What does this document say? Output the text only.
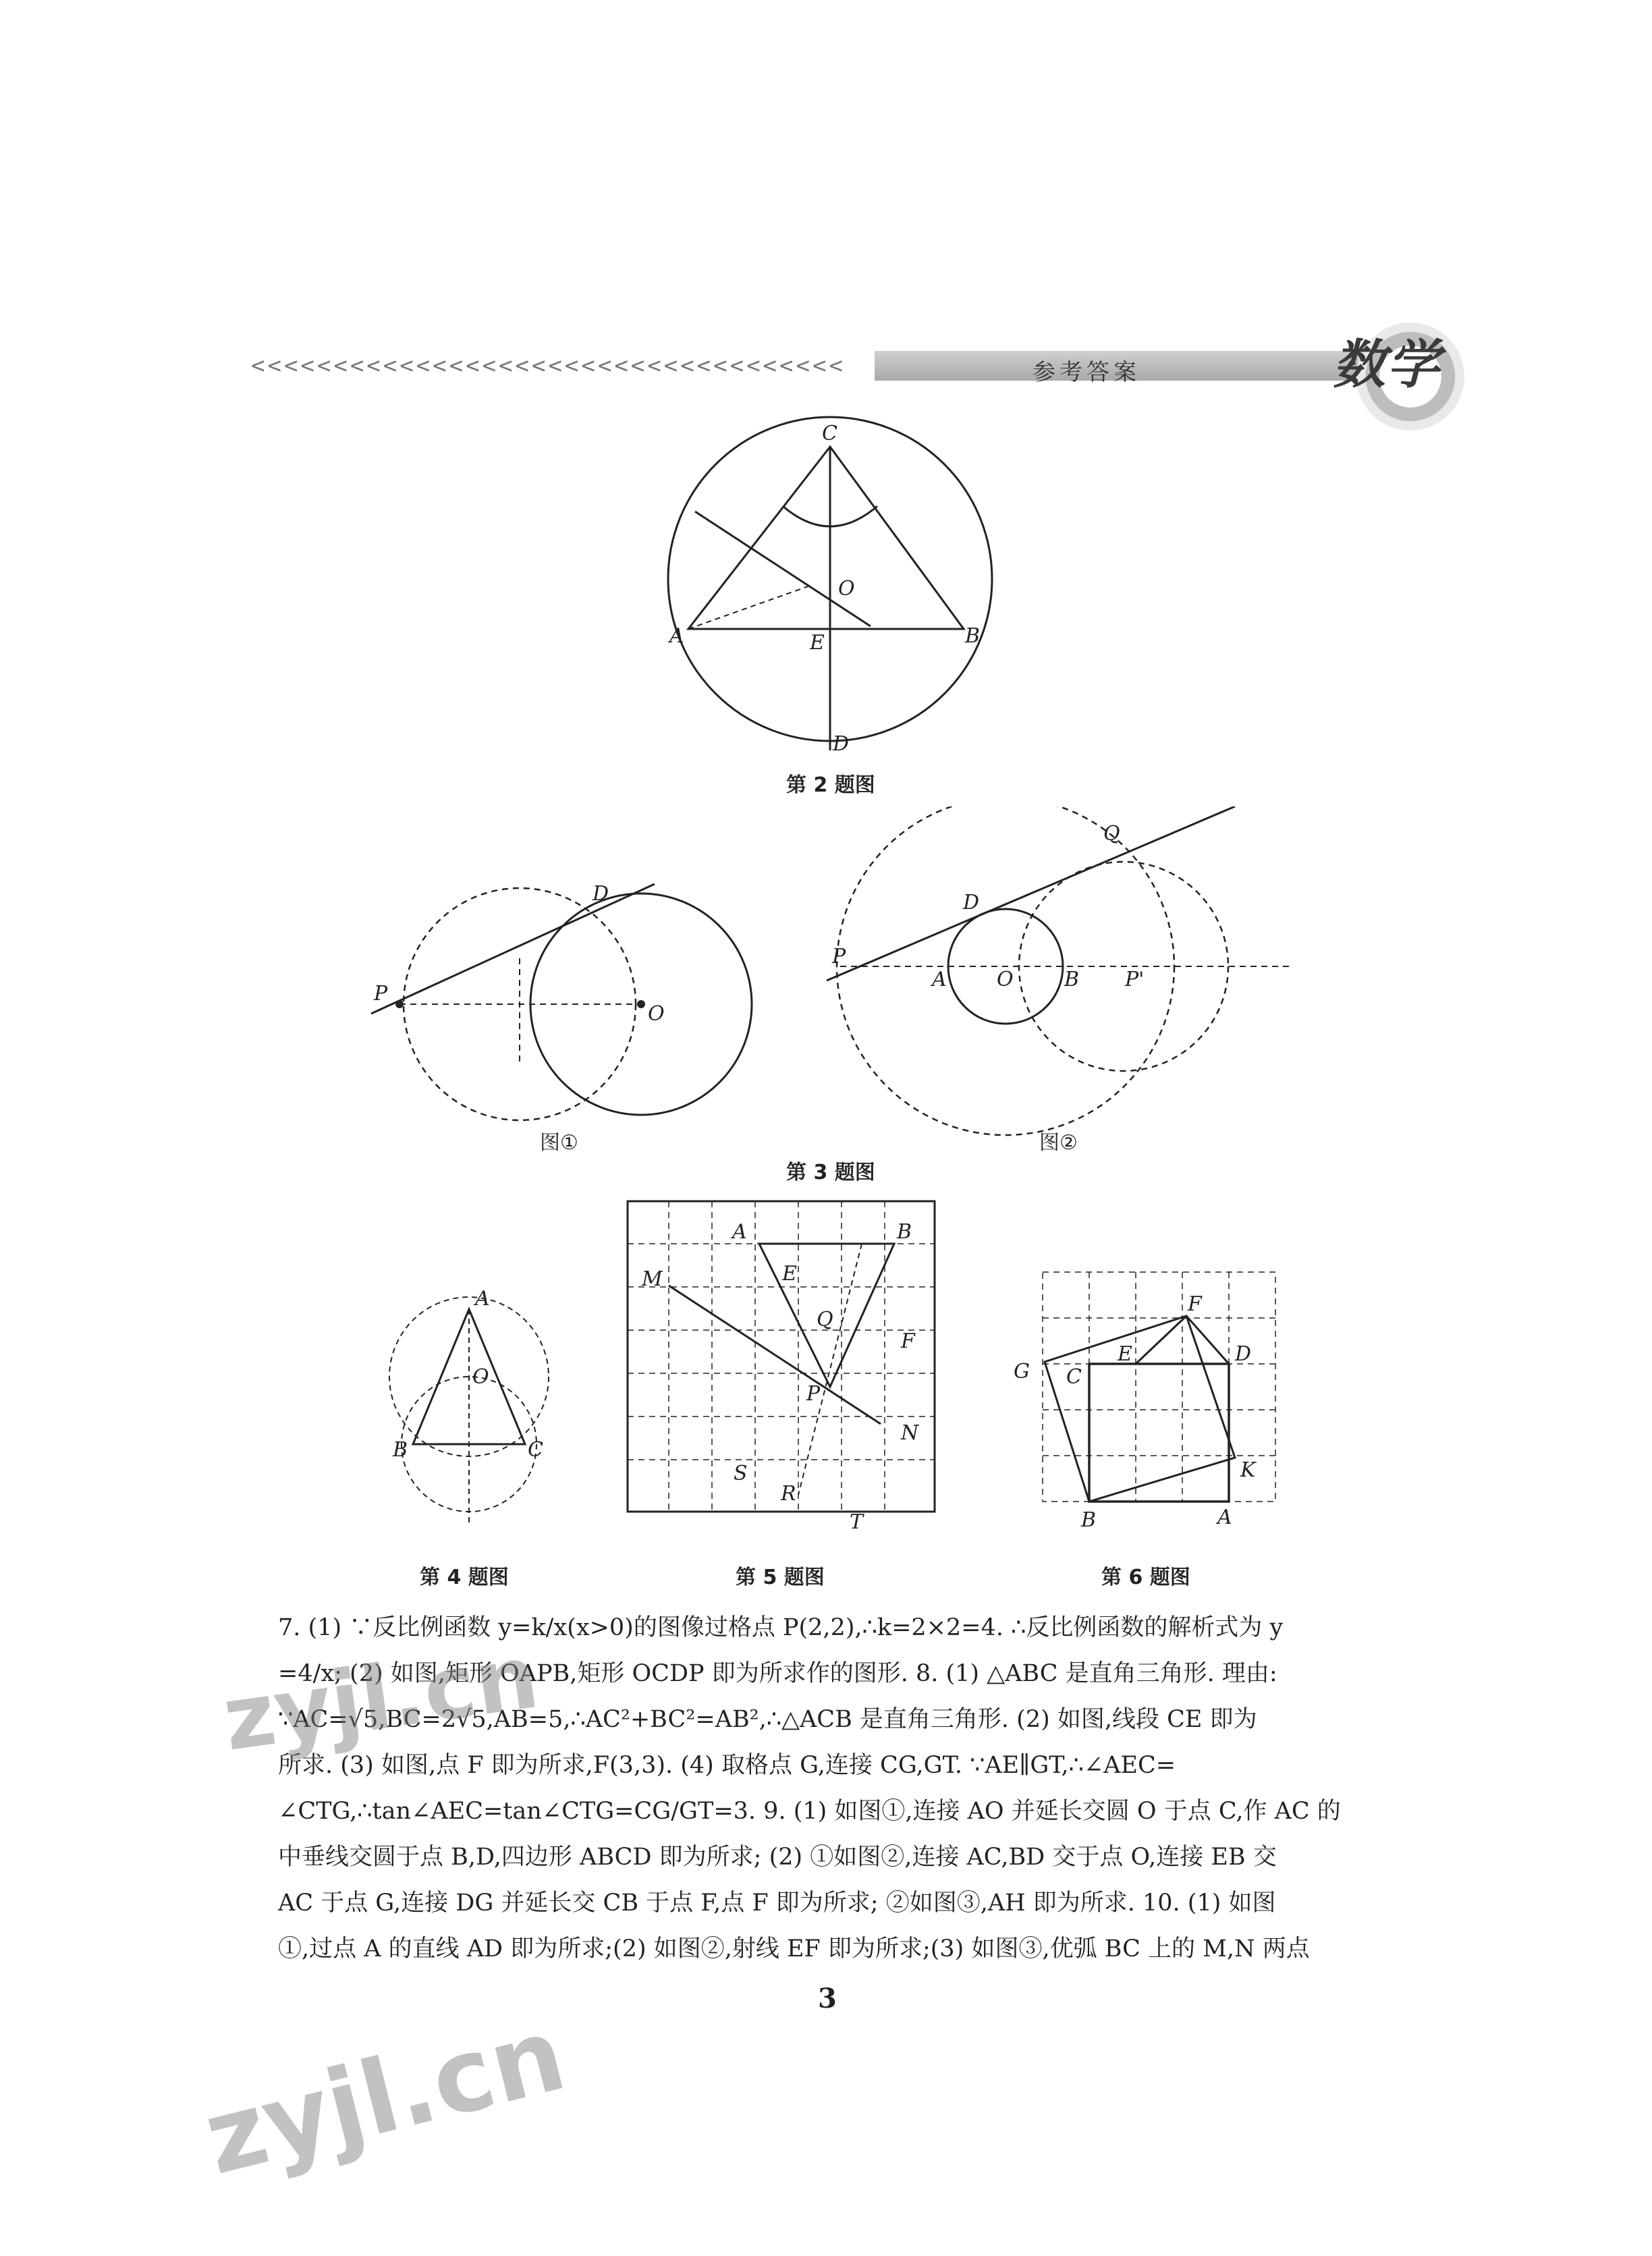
<<<<<<<<<<<<<<<<<<<<<<<<<<<<<<<<<<<<	参考答案	数学
C
O
A	E	B
D
第 2 题图
D
P
O
图①
Q
D
P
A O	B P'
图②
第 3 题图
A
O
B	C
A	B
M	E
Q
F
P
N
S
R
T
F
E	D
G C
K
B	A
第 4 题图	第 5 题图	第 6 题图
7. (1) ∵反比例函数 y=k/x(x>0)的图像过格点 P(2,2),∴k=2×2=4. ∴反比例函数的解析式为 y
=4/x; (2) 如图,矩形 OAPB,矩形 OCDP 即为所求作的图形. 8. (1) △ABC 是直角三角形. 理由:
∵AC=√5,BC=2√5,AB=5,∴AC²+BC²=AB²,∴△ACB 是直角三角形. (2) 如图,线段 CE 即为
所求. (3) 如图,点 F 即为所求,F(3,3). (4) 取格点 G,连接 CG,GT. ∵AE∥GT,∴∠AEC=
∠CTG,∴tan∠AEC=tan∠CTG=CG/GT=3. 9. (1) 如图①,连接 AO 并延长交圆 O 于点 C,作 AC 的
中垂线交圆于点 B,D,四边形 ABCD 即为所求; (2) ①如图②,连接 AC,BD 交于点 O,连接 EB 交
AC 于点 G,连接 DG 并延长交 CB 于点 F,点 F 即为所求; ②如图③,AH 即为所求. 10. (1) 如图
①,过点 A 的直线 AD 即为所求;(2) 如图②,射线 EF 即为所求;(3) 如图③,优弧 BC 上的 M,N 两点
3
zyjl.cn
zyjl.cn
